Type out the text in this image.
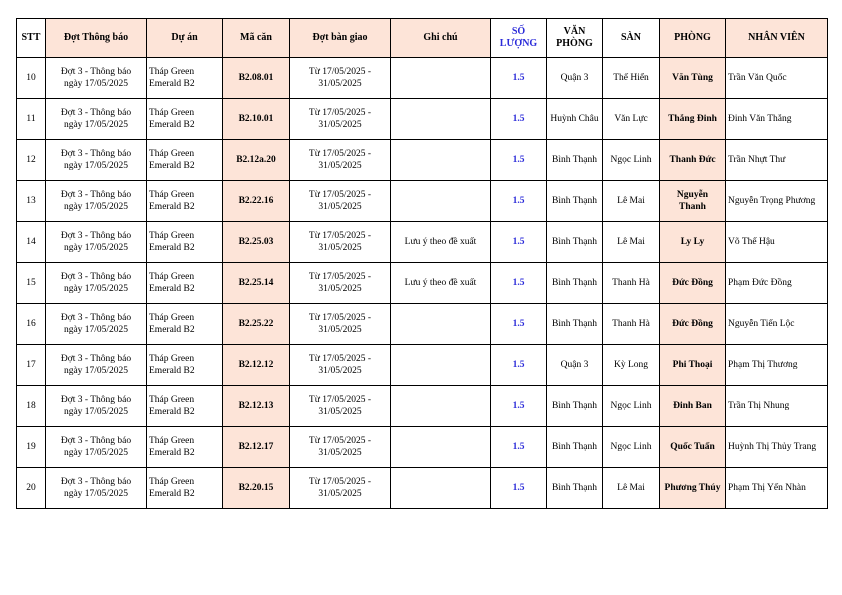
STT	Đợt Thông báo	Dự án	Mã căn	Đợt bàn giao	Ghi chú	SỐ LƯỢNG	VĂN PHÒNG	SÀN	PHÒNG	NHÂN VIÊN
10	Đợt 3 - Thông báo
ngày 17/05/2025	Tháp Green
Emerald B2	B2.08.01	Từ 17/05/2025 -
31/05/2025		1.5	Quận 3	Thế Hiển	Văn Tùng	Trần Văn Quốc
11	Đợt 3 - Thông báo
ngày 17/05/2025	Tháp Green
Emerald B2	B2.10.01	Từ 17/05/2025 -
31/05/2025		1.5	Huỳnh Châu	Văn Lực	Thắng Đinh	Đinh Văn Thắng
12	Đợt 3 - Thông báo
ngày 17/05/2025	Tháp Green
Emerald B2	B2.12a.20	Từ 17/05/2025 -
31/05/2025		1.5	Bình Thạnh	Ngọc Linh	Thanh Đức	Trần Nhựt Thư
13	Đợt 3 - Thông báo
ngày 17/05/2025	Tháp Green
Emerald B2	B2.22.16	Từ 17/05/2025 -
31/05/2025		1.5	Bình Thạnh	Lê Mai	Nguyễn
Thanh	Nguyễn Trọng Phương
14	Đợt 3 - Thông báo
ngày 17/05/2025	Tháp Green
Emerald B2	B2.25.03	Từ 17/05/2025 -
31/05/2025	Lưu ý theo đề xuất	1.5	Bình Thạnh	Lê Mai	Ly Ly	Võ Thế Hậu
15	Đợt 3 - Thông báo
ngày 17/05/2025	Tháp Green
Emerald B2	B2.25.14	Từ 17/05/2025 -
31/05/2025	Lưu ý theo đề xuất	1.5	Bình Thạnh	Thanh Hà	Đức Đồng	Phạm Đức Đồng
16	Đợt 3 - Thông báo
ngày 17/05/2025	Tháp Green
Emerald B2	B2.25.22	Từ 17/05/2025 -
31/05/2025		1.5	Bình Thạnh	Thanh Hà	Đức Đồng	Nguyễn Tiến Lộc
17	Đợt 3 - Thông báo
ngày 17/05/2025	Tháp Green
Emerald B2	B2.12.12	Từ 17/05/2025 -
31/05/2025		1.5	Quận 3	Kỳ Long	Phi Thoại	Phạm Thị Thương
18	Đợt 3 - Thông báo
ngày 17/05/2025	Tháp Green
Emerald B2	B2.12.13	Từ 17/05/2025 -
31/05/2025		1.5	Bình Thạnh	Ngọc Linh	Đinh Ban	Trần Thị Nhung
19	Đợt 3 - Thông báo
ngày 17/05/2025	Tháp Green
Emerald B2	B2.12.17	Từ 17/05/2025 -
31/05/2025		1.5	Bình Thạnh	Ngọc Linh	Quốc Tuấn	Huỳnh Thị Thủy Trang
20	Đợt 3 - Thông báo
ngày 17/05/2025	Tháp Green
Emerald B2	B2.20.15	Từ 17/05/2025 -
31/05/2025		1.5	Bình Thạnh	Lê Mai	Phương Thúy	Phạm Thị Yến Nhàn
